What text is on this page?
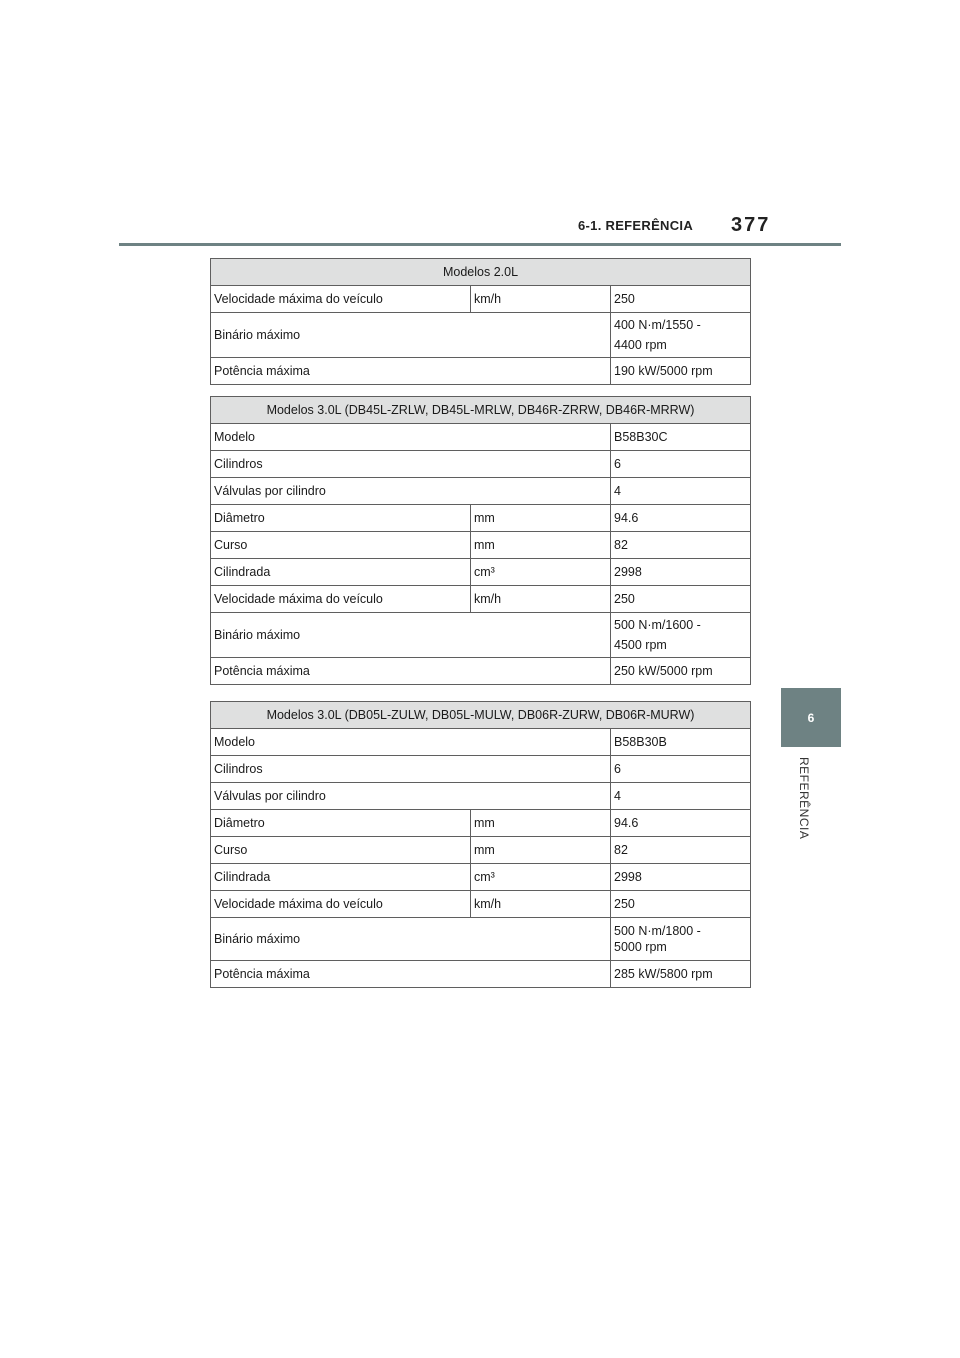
6-1. REFERÊNCIA 377
6
REFERÊNCIA
Modelos 2.0L		
Velocidade máxima do veículo	km/h	250
Binário máximo		400 N·m/1550 -
4400 rpm
Potência máxima		190 kW/5000 rpm
Modelos 3.0L (DB45L-ZRLW, DB45L-MRLW, DB46R-ZRRW, DB46R-MRRW)		
Modelo		B58B30C
Cilindros		6
Válvulas por cilindro		4
Diâmetro	mm	94.6
Curso	mm	82
Cilindrada	cm³	2998
Velocidade máxima do veículo	km/h	250
Binário máximo		500 N·m/1600 -
4500 rpm
Potência máxima		250 kW/5000 rpm
Modelos 3.0L (DB05L-ZULW, DB05L-MULW, DB06R-ZURW, DB06R-MURW)		
Modelo		B58B30B
Cilindros		6
Válvulas por cilindro		4
Diâmetro	mm	94.6
Curso	mm	82
Cilindrada	cm³	2998
Velocidade máxima do veículo	km/h	250
Binário máximo		500 N·m/1800 -
5000 rpm
Potência máxima		285 kW/5800 rpm
